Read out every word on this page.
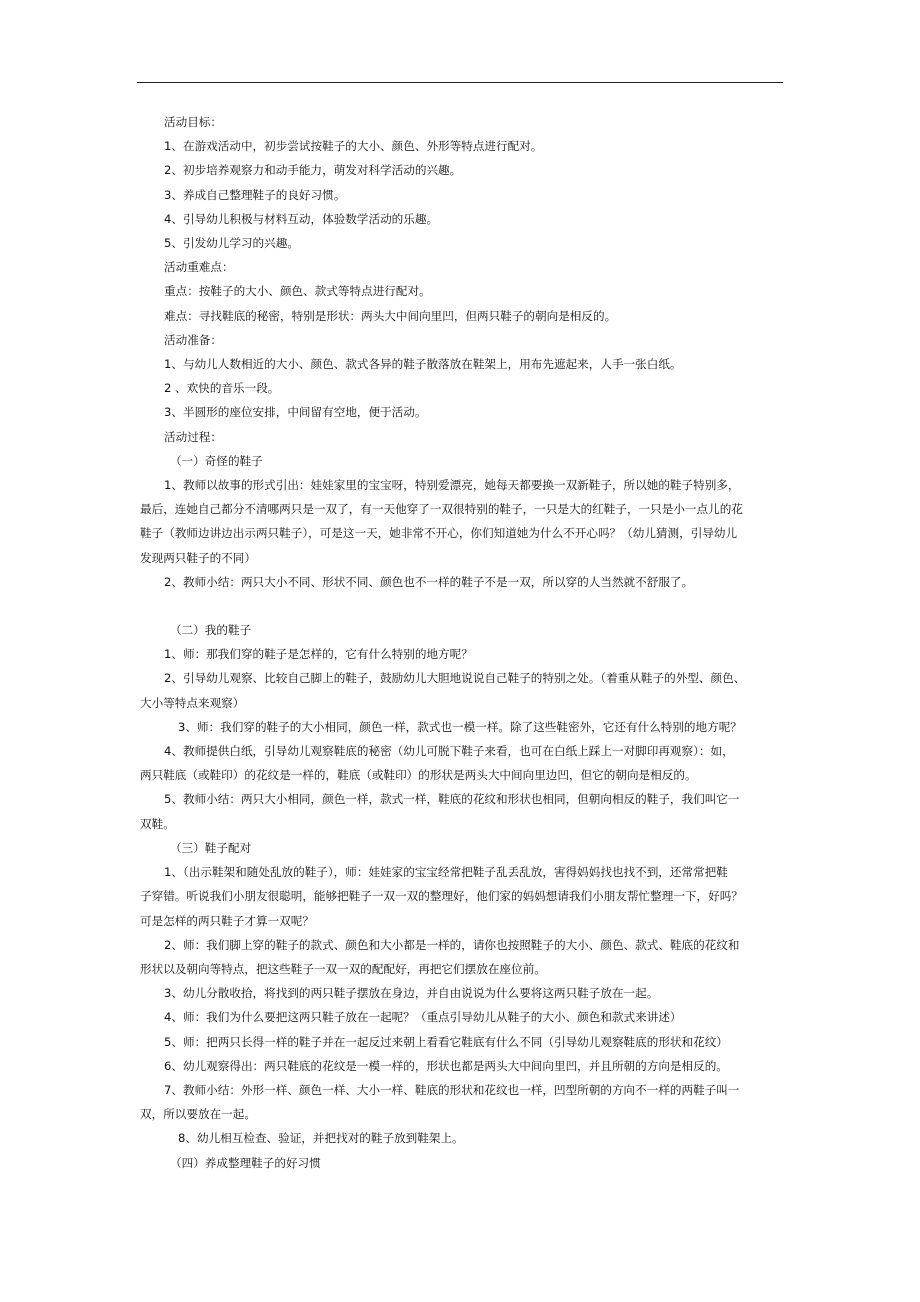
活动目标：
1、在游戏活动中，初步尝试按鞋子的大小、颜色、外形等特点进行配对。
2、初步培养观察力和动手能力，萌发对科学活动的兴趣。
3、养成自己整理鞋子的良好习惯。
4、引导幼儿积极与材料互动，体验数学活动的乐趣。
5、引发幼儿学习的兴趣。
活动重难点：
重点：按鞋子的大小、颜色、款式等特点进行配对。
难点：寻找鞋底的秘密，特别是形状：两头大中间向里凹，但两只鞋子的朝向是相反的。
活动准备：
1、与幼儿人数相近的大小、颜色、款式各异的鞋子散落放在鞋架上，用布先遮起来，人手一张白纸。
2 、欢快的音乐一段。
3、半圆形的座位安排，中间留有空地，便于活动。
活动过程：
（一）奇怪的鞋子
1、教师以故事的形式引出：娃娃家里的宝宝呀，特别爱漂亮，她每天都要换一双新鞋子，所以她的鞋子特别多，
最后，连她自己都分不清哪两只是一双了，有一天他穿了一双很特别的鞋子，一只是大的红鞋子，一只是小一点儿的花
鞋子（教师边讲边出示两只鞋子），可是这一天，她非常不开心，你们知道她为什么不开心吗？（幼儿猜测，引导幼儿
发现两只鞋子的不同）
2、教师小结：两只大小不同、形状不同、颜色也不一样的鞋子不是一双，所以穿的人当然就不舒服了。
（二）我的鞋子
1、师：那我们穿的鞋子是怎样的，它有什么特别的地方呢？
2、引导幼儿观察、比较自己脚上的鞋子，鼓励幼儿大胆地说说自己鞋子的特别之处。（着重从鞋子的外型、颜色、
大小等特点来观察）
3、师：我们穿的鞋子的大小相同，颜色一样，款式也一模一样。除了这些鞋密外，它还有什么特别的地方呢？
4、教师提供白纸，引导幼儿观察鞋底的秘密（幼儿可脱下鞋子来看，也可在白纸上踩上一对脚印再观察）：如，
两只鞋底（或鞋印）的花纹是一样的，鞋底（或鞋印）的形状是两头大中间向里边凹，但它的朝向是相反的。
5、教师小结：两只大小相同，颜色一样，款式一样，鞋底的花纹和形状也相同，但朝向相反的鞋子，我们叫它一
双鞋。
（三）鞋子配对
1、（出示鞋架和随处乱放的鞋子），师：娃娃家的宝宝经常把鞋子乱丢乱放，害得妈妈找也找不到，还常常把鞋
子穿错。听说我们小朋友很聪明，能够把鞋子一双一双的整理好，他们家的妈妈想请我们小朋友帮忙整理一下，好吗？
可是怎样的两只鞋子才算一双呢？
2、师：我们脚上穿的鞋子的款式、颜色和大小都是一样的，请你也按照鞋子的大小、颜色、款式、鞋底的花纹和
形状以及朝向等特点，把这些鞋子一双一双的配配好，再把它们摆放在座位前。
3、幼儿分散收拾，将找到的两只鞋子摆放在身边，并自由说说为什么要将这两只鞋子放在一起。
4、师：我们为什么要把这两只鞋子放在一起呢？（重点引导幼儿从鞋子的大小、颜色和款式来讲述）
5、师：把两只长得一样的鞋子并在一起反过来朝上看看它鞋底有什么不同（引导幼儿观察鞋底的形状和花纹）
6、幼儿观察得出：两只鞋底的花纹是一模一样的，形状也都是两头大中间向里凹，并且所朝的方向是相反的。
7、教师小结：外形一样、颜色一样、大小一样、鞋底的形状和花纹也一样，凹型所朝的方向不一样的两鞋子叫一
双，所以要放在一起。
8、幼儿相互检查、验证，并把找对的鞋子放到鞋架上。
（四）养成整理鞋子的好习惯
